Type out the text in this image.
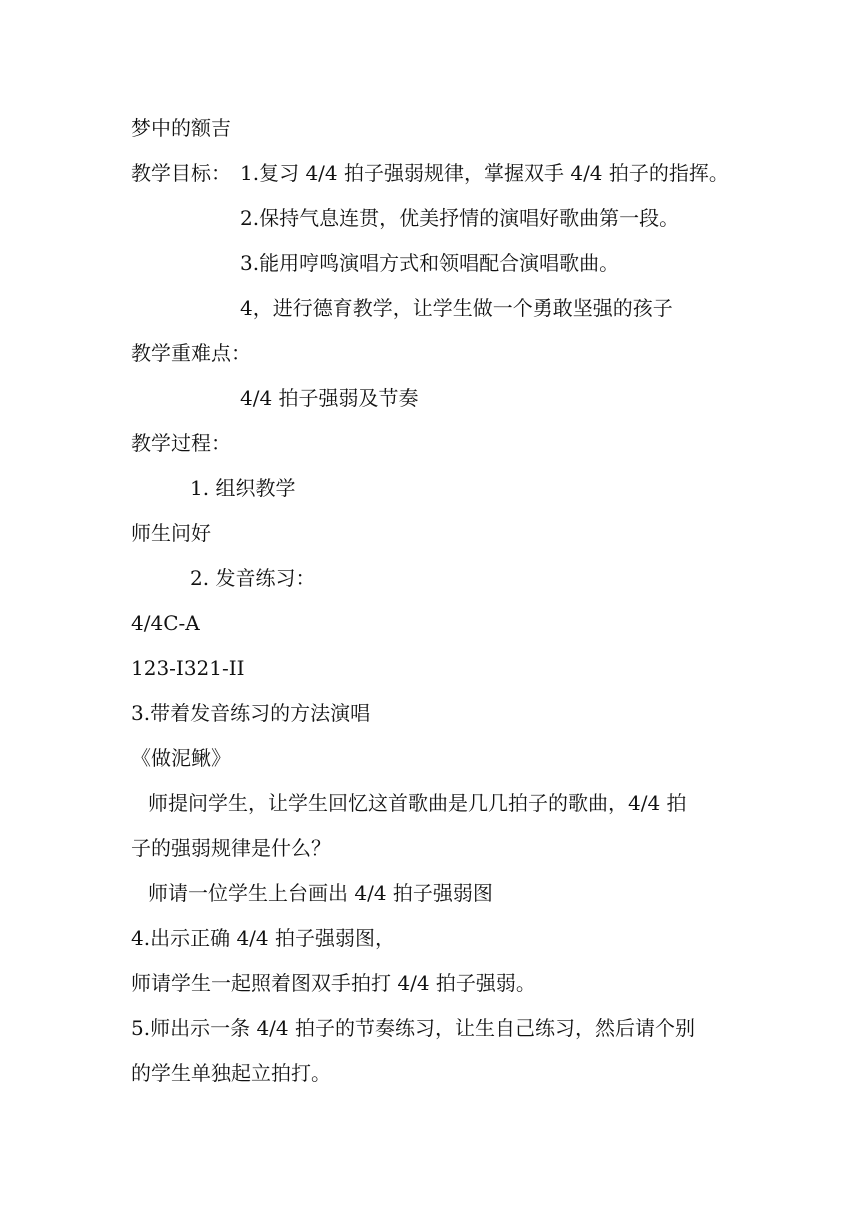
梦中的额吉
教学目标： 1.复习 4/4 拍子强弱规律，掌握双手 4/4 拍子的指挥。
2.保持气息连贯，优美抒情的演唱好歌曲第一段。
3.能用哼鸣演唱方式和领唱配合演唱歌曲。
4，进行德育教学，让学生做一个勇敢坚强的孩子
教学重难点：
4/4 拍子强弱及节奏
教学过程：
1. 组织教学
师生问好
2. 发音练习：
4/4C-A
123-I321-II
3.带着发音练习的方法演唱
《做泥鳅》
师提问学生，让学生回忆这首歌曲是几几拍子的歌曲，4/4 拍
子的强弱规律是什么？
师请一位学生上台画出 4/4 拍子强弱图
4.出示正确 4/4 拍子强弱图，
师请学生一起照着图双手拍打 4/4 拍子强弱。
5.师出示一条 4/4 拍子的节奏练习，让生自己练习，然后请个别
的学生单独起立拍打。
